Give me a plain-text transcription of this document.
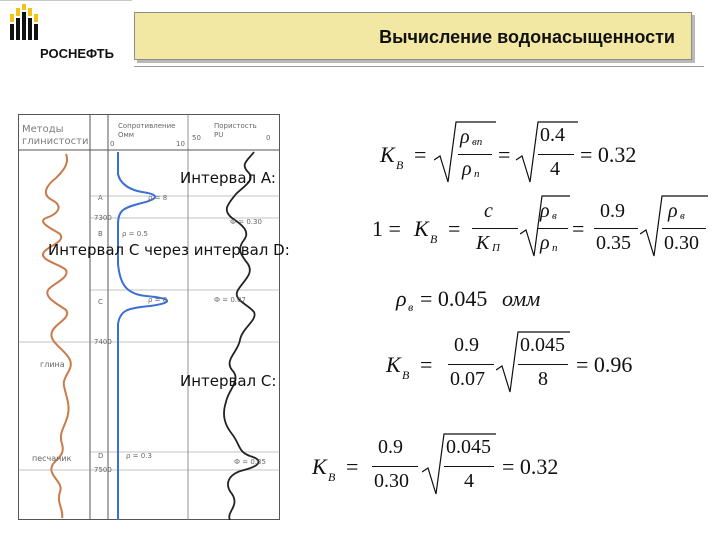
РОСНЕФТЬ
Вычисление водонасыщенности
Методы
глинистости
Сопротивление
Омм
Пористость
PU
0	10
50	0
7300
7400
7500
A
B
C
D
ρ = 8
ρ = 0.5
ρ = 8
ρ = 0.3
Ф = 0.30
Ф = 0.07
Ф = 0.35
глина
песчаник
Интервал A:
Интервал C через интервал D:
Интервал C:
K B =
ρ вп
ρ п
=
0.4
4
= 0.32
1 = K B =
c
K П
ρ в
ρ п
=
0.9
0.35
ρ в
0.30
ρ в = 0.045 омм
K B =
0.9
0.07
0.045
8
= 0.96
K B =
0.9
0.30
0.045
4
= 0.32
